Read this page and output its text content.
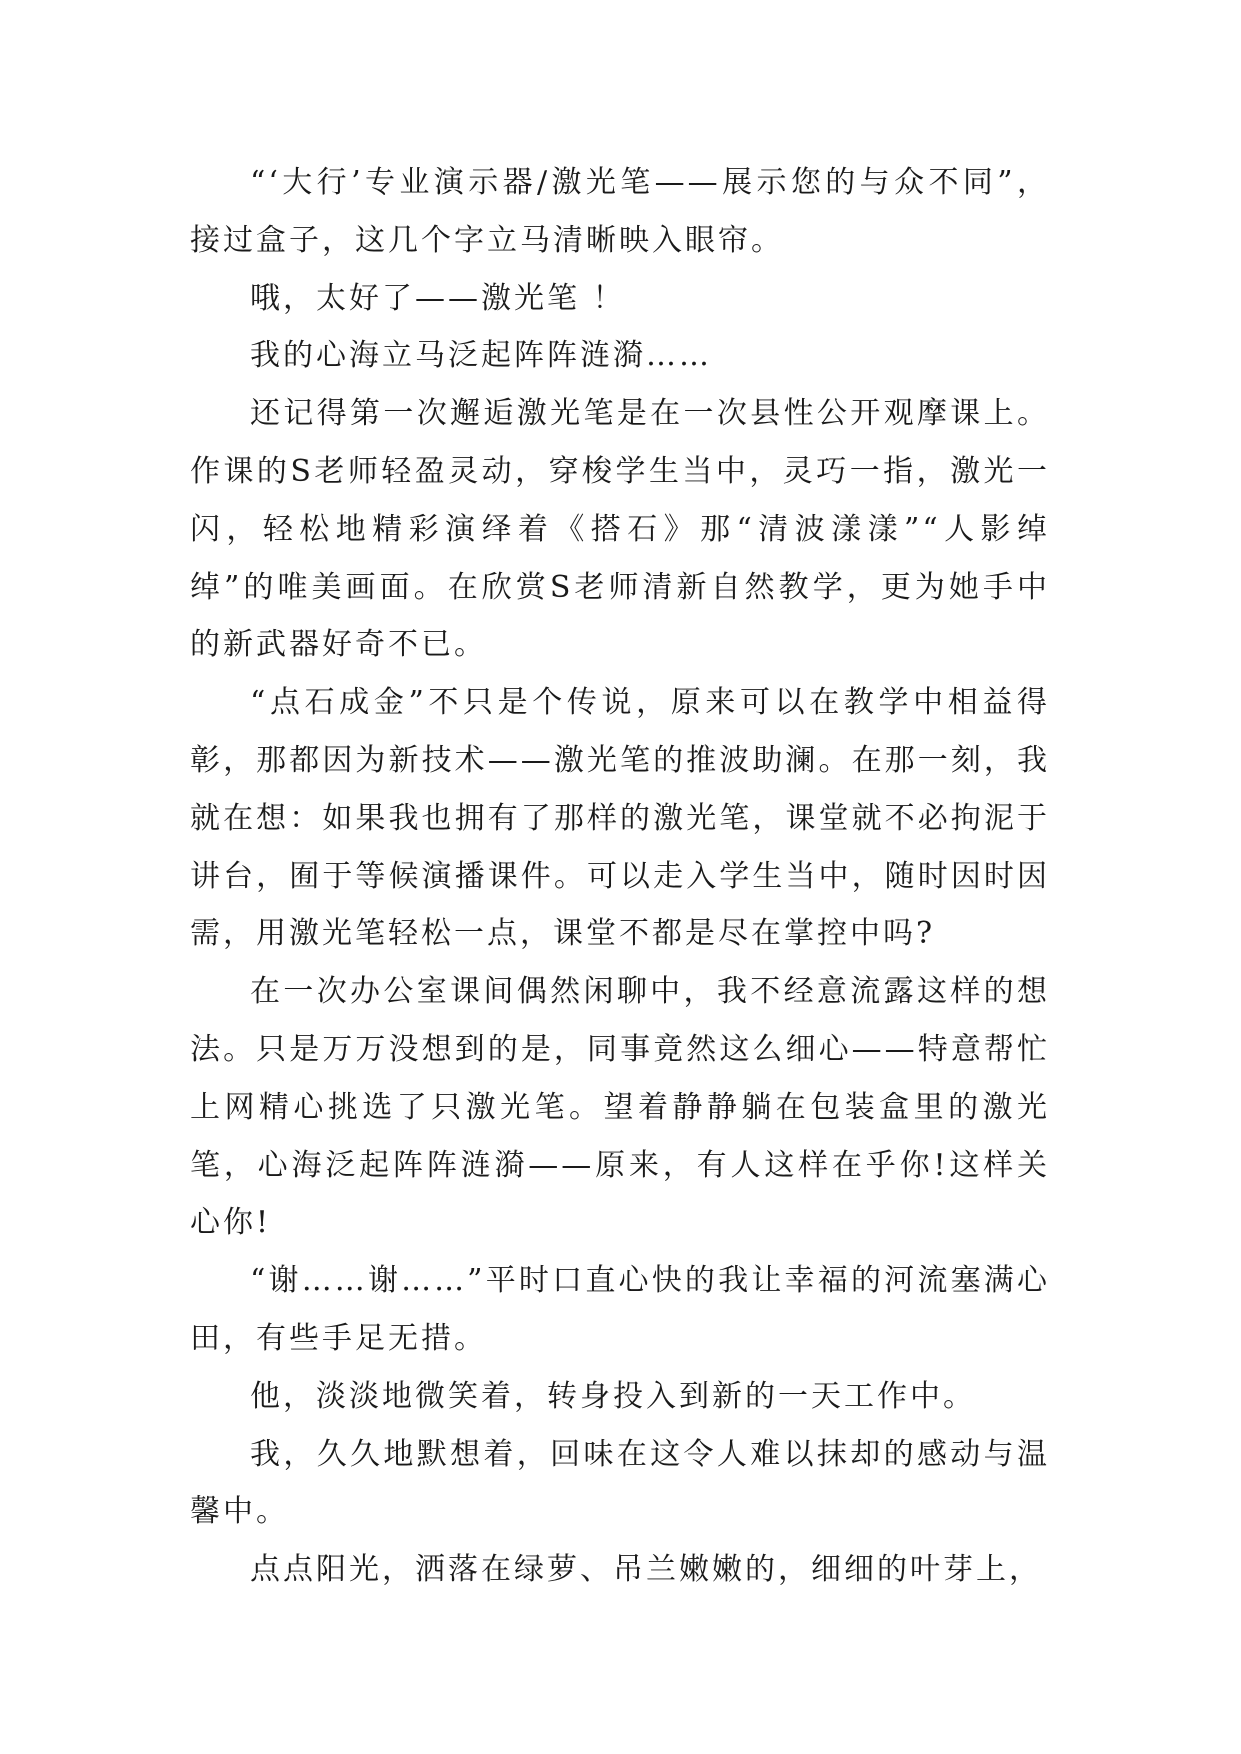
“‘大行’专业演示器/激光笔——展示您的与众不同”，接过盒子，这几个字立马清晰映入眼帘。

哦，太好了——激光笔 ！

我的心海立马泛起阵阵涟漪……

还记得第一次邂逅激光笔是在一次县性公开观摩课上。作课的S老师轻盈灵动，穿梭学生当中，灵巧一指，激光一闪，轻松地精彩演绎着《搭石》那“清波漾漾”“人影绰绰”的唯美画面。在欣赏S老师清新自然教学，更为她手中的新武器好奇不已。

“点石成金”不只是个传说，原来可以在教学中相益得彰，那都因为新技术——激光笔的推波助澜。在那一刻，我就在想：如果我也拥有了那样的激光笔，课堂就不必拘泥于讲台，囿于等候演播课件。可以走入学生当中，随时因时因需，用激光笔轻松一点，课堂不都是尽在掌控中吗?

在一次办公室课间偶然闲聊中，我不经意流露这样的想法。只是万万没想到的是，同事竟然这么细心——特意帮忙上网精心挑选了只激光笔。望着静静躺在包装盒里的激光笔，心海泛起阵阵涟漪——原来，有人这样在乎你!这样关心你!

“谢……谢……”平时口直心快的我让幸福的河流塞满心田，有些手足无措。

他，淡淡地微笑着，转身投入到新的一天工作中。

我，久久地默想着，回味在这令人难以抹却的感动与温馨中。

点点阳光，洒落在绿萝、吊兰嫩嫩的，细细的叶芽上，
